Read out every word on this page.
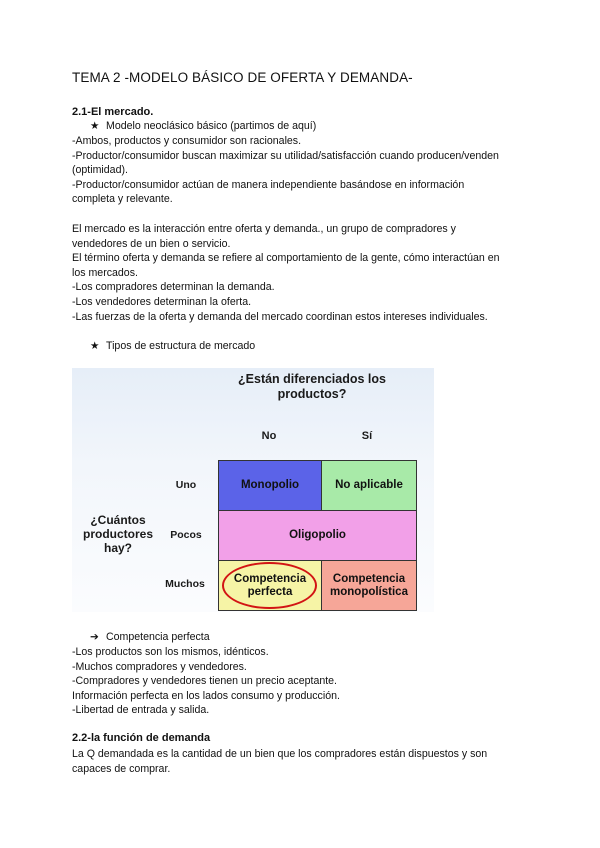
TEMA 2 -MODELO BÁSICO DE OFERTA Y DEMANDA-
2.1-El mercado.
★ Modelo neoclásico básico (partimos de aquí)
-Ambos, productos y consumidor son racionales.
-Productor/consumidor buscan maximizar su utilidad/satisfacción cuando producen/venden
(optimidad).
-Productor/consumidor actúan de manera independiente basándose en información
completa y relevante.
El mercado es la interacción entre oferta y demanda., un grupo de compradores y
vendedores de un bien o servicio.
El término oferta y demanda se refiere al comportamiento de la gente, cómo interactúan en
los mercados.
-Los compradores determinan la demanda.
-Los vendedores determinan la oferta.
-Las fuerzas de la oferta y demanda del mercado coordinan estos intereses individuales.
★ Tipos de estructura de mercado
¿Están diferenciados los
productos?
No	Sí
¿Cuántos
productores
hay?
Uno
Pocos
Muchos
Monopolio	No aplicable
Oligopolio
Competencia
perfecta
Competencia
monopolística
➔ Competencia perfecta
-Los productos son los mismos, idénticos.
-Muchos compradores y vendedores.
-Compradores y vendedores tienen un precio aceptante.
Información perfecta en los lados consumo y producción.
-Libertad de entrada y salida.
2.2-la función de demanda
La Q demandada es la cantidad de un bien que los compradores están dispuestos y son
capaces de comprar.
